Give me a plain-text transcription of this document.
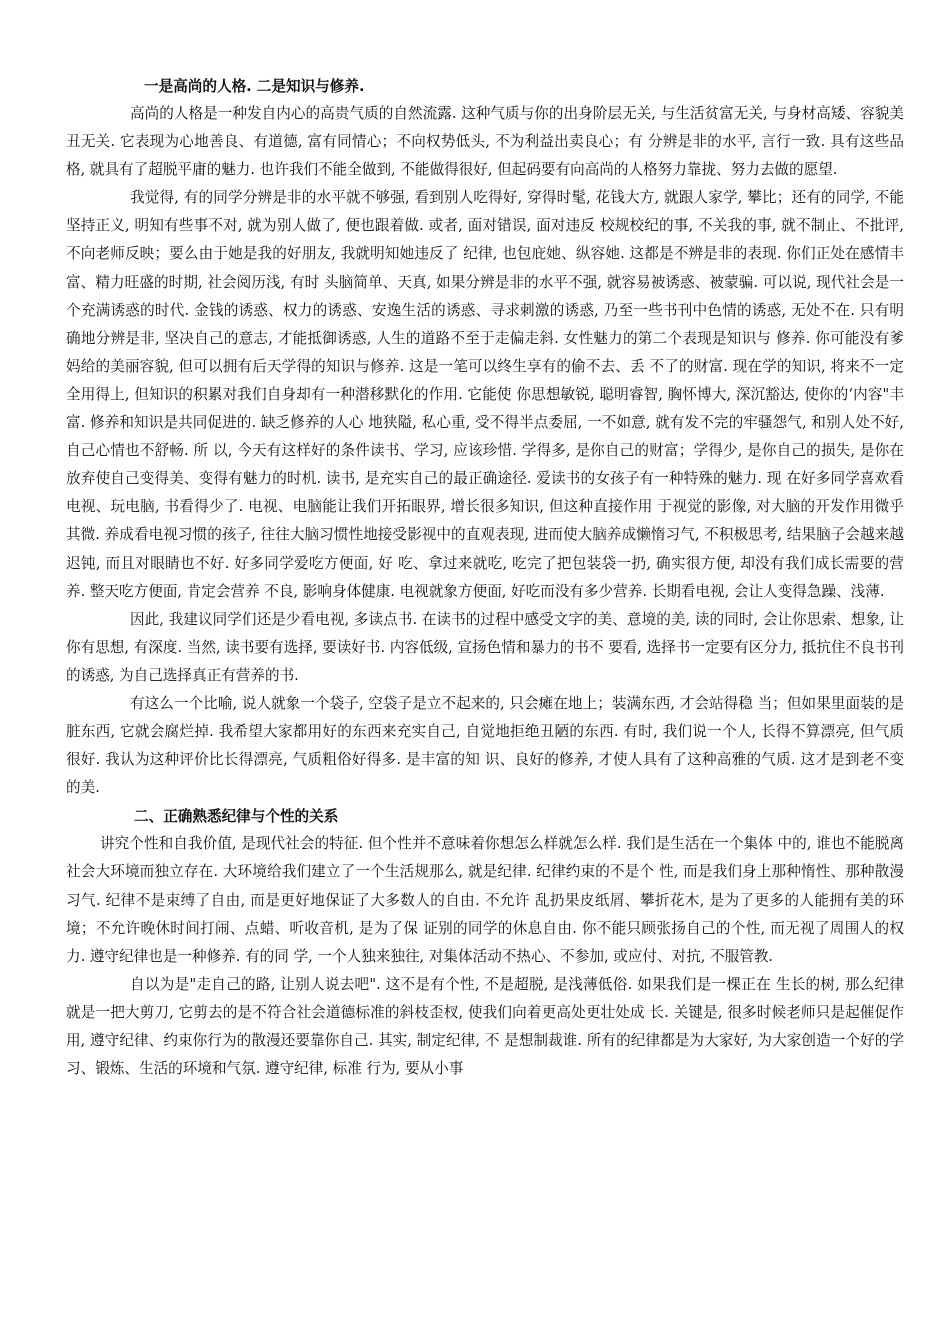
一是高尚的人格. 二是知识与修养.

高尚的人格是一种发自内心的高贵气质的自然流露. 这种气质与你的出身阶层无关, 与生活贫富无关, 与身材高矮、容貌美丑无关. 它表现为心地善良、有道德, 富有同情心；不向权势低头, 不为利益出卖良心；有 分辨是非的水平, 言行一致. 具有这些品格, 就具有了超脱平庸的魅力. 也许我们不能全做到, 不能做得很好, 但起码要有向高尚的人格努力靠拢、努力去做的愿望.

我觉得, 有的同学分辨是非的水平就不够强, 看到别人吃得好, 穿得时髦, 花钱大方, 就跟人家学, 攀比；还有的同学, 不能坚持正义, 明知有些事不对, 就为别人做了, 便也跟着做. 或者, 面对错误, 面对违反 校规校纪的事, 不关我的事, 就不制止、不批评, 不向老师反映；要么由于她是我的好朋友, 我就明知她违反了 纪律, 也包庇她、纵容她. 这都是不辨是非的表现. 你们正处在感情丰富、精力旺盛的时期, 社会阅历浅, 有时 头脑简单、天真, 如果分辨是非的水平不强, 就容易被诱惑、被蒙骗. 可以说, 现代社会是一个充满诱惑的时代. 金钱的诱惑、权力的诱惑、安逸生活的诱惑、寻求刺激的诱惑, 乃至一些书刊中色情的诱惑, 无处不在. 只有明 确地分辨是非, 坚决自己的意志, 才能抵御诱惑, 人生的道路不至于走偏走斜. 女性魅力的第二个表现是知识与 修养. 你可能没有爹妈给的美丽容貌, 但可以拥有后天学得的知识与修养. 这是一笔可以终生享有的偷不去、丢 不了的财富. 现在学的知识, 将来不一定全用得上, 但知识的积累对我们自身却有一种潜移默化的作用. 它能使 你思想敏锐, 聪明睿智, 胸怀博大, 深沉豁达, 使你的‘内容"丰富. 修养和知识是共同促进的. 缺乏修养的人心 地狭隘, 私心重, 受不得半点委屈, 一不如意, 就有发不完的牢骚怨气, 和别人处不好, 自己心情也不舒畅. 所 以, 今天有这样好的条件读书、学习, 应该珍惜. 学得多, 是你自己的财富；学得少, 是你自己的损失, 是你在 放弃使自己变得美、变得有魅力的时机. 读书, 是充实自己的最正确途径. 爱读书的女孩子有一种特殊的魅力. 现 在好多同学喜欢看电视、玩电脑, 书看得少了. 电视、电脑能让我们开拓眼界, 增长很多知识, 但这种直接作用 于视觉的影像, 对大脑的开发作用微乎其微. 养成看电视习惯的孩子, 往往大脑习惯性地接受影视中的直观表现, 进而使大脑养成懒惰习气, 不积极思考, 结果脑子会越来越迟钝, 而且对眼睛也不好. 好多同学爱吃方便面, 好 吃、拿过来就吃, 吃完了把包装袋一扔, 确实很方便, 却没有我们成长需要的营养. 整天吃方便面, 肯定会营养 不良, 影响身体健康. 电视就象方便面, 好吃而没有多少营养. 长期看电视, 会让人变得急躁、浅薄.

因此, 我建议同学们还是少看电视, 多读点书. 在读书的过程中感受文字的美、意境的美, 读的同时, 会让你思索、想象, 让你有思想, 有深度. 当然, 读书要有选择, 要读好书. 内容低级, 宣扬色情和暴力的书不 要看, 选择书一定要有区分力, 抵抗住不良书刊的诱惑, 为自己选择真正有营养的书.

有这么一个比喻, 说人就象一个袋子, 空袋子是立不起来的, 只会瘫在地上；装满东西, 才会站得稳 当；但如果里面装的是脏东西, 它就会腐烂掉. 我希望大家都用好的东西来充实自己, 自觉地拒绝丑陋的东西. 有时, 我们说一个人, 长得不算漂亮, 但气质很好. 我认为这种评价比长得漂亮, 气质粗俗好得多. 是丰富的知 识、良好的修养, 才使人具有了这种高雅的气质. 这才是到老不变的美.

二、正确熟悉纪律与个性的关系

讲究个性和自我价值, 是现代社会的特征. 但个性并不意味着你想怎么样就怎么样. 我们是生活在一个集体 中的, 谁也不能脱离社会大环境而独立存在. 大环境给我们建立了一个生活规那么, 就是纪律. 纪律约束的不是个 性, 而是我们身上那种惰性、那种散漫习气. 纪律不是束缚了自由, 而是更好地保证了大多数人的自由. 不允许 乱扔果皮纸屑、攀折花木, 是为了更多的人能拥有美的环境；不允许晚休时间打闹、点蜡、听收音机, 是为了保 证别的同学的休息自由. 你不能只顾张扬自己的个性, 而无视了周围人的权力. 遵守纪律也是一种修养. 有的同 学, 一个人独来独往, 对集体活动不热心、不参加, 或应付、对抗, 不服管教.

自以为是"走自己的路, 让别人说去吧". 这不是有个性, 不是超脱, 是浅薄低俗. 如果我们是一棵正在 生长的树, 那么纪律就是一把大剪刀, 它剪去的是不符合社会道德标准的斜枝歪杈, 使我们向着更高处更壮处成 长. 关键是, 很多时候老师只是起催促作用, 遵守纪律、约束你行为的散漫还要靠你自己. 其实, 制定纪律, 不 是想制裁谁. 所有的纪律都是为大家好, 为大家创造一个好的学习、锻炼、生活的环境和气氛. 遵守纪律, 标准 行为, 要从小事
